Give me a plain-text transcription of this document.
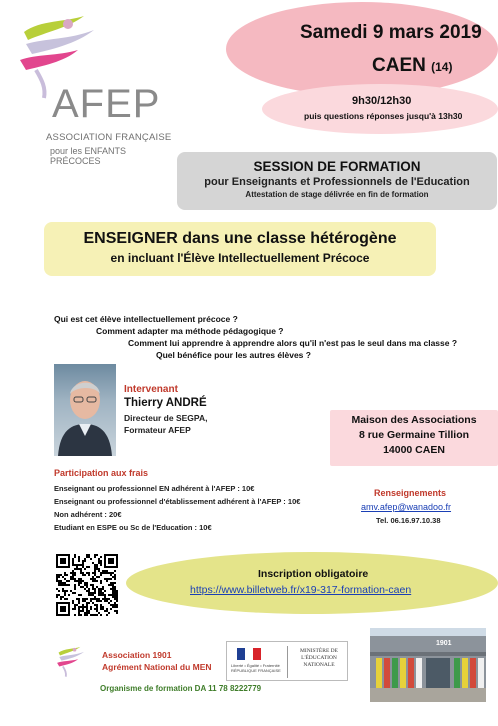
AFEP
ASSOCIATION FRANÇAISE
pour les ENFANTS PRÉCOCES
Samedi 9 mars 2019
CAEN (14)
9h30/12h30
puis questions réponses jusqu'à 13h30
SESSION DE FORMATION
pour Enseignants et Professionnels de l'Education
Attestation de stage délivrée en fin de formation
ENSEIGNER dans une classe hétérogène
en incluant l'Élève Intellectuellement Précoce
Qui est cet élève intellectuellement précoce ?
Comment adapter ma méthode pédagogique ?
Comment lui apprendre à apprendre alors qu'il n'est pas le seul dans ma classe ?
Quel bénéfice pour les autres élèves ?
Intervenant
Thierry ANDRÉ
Directeur de SEGPA,
Formateur AFEP
Maison des Associations
8 rue Germaine Tillion
14000 CAEN
Participation aux frais
Enseignant ou professionnel EN adhérent à l'AFEP : 10€
Enseignant ou professionnel d'établissement adhérent à l'AFEP : 10€
Non adhérent : 20€
Etudiant en ESPE ou Sc de l'Education : 10€
Renseignements
amv.afep@wanadoo.fr
Tel. 06.16.97.10.38
Inscription obligatoire
https://www.billetweb.fr/x19-317-formation-caen
Association 1901
Agrément National du MEN
Organisme de formation DA 11 78 8222779
Liberté • Égalité • Fraternité RÉPUBLIQUE FRANÇAISE
MINISTÈRE DE L'ÉDUCATION NATIONALE
1901
